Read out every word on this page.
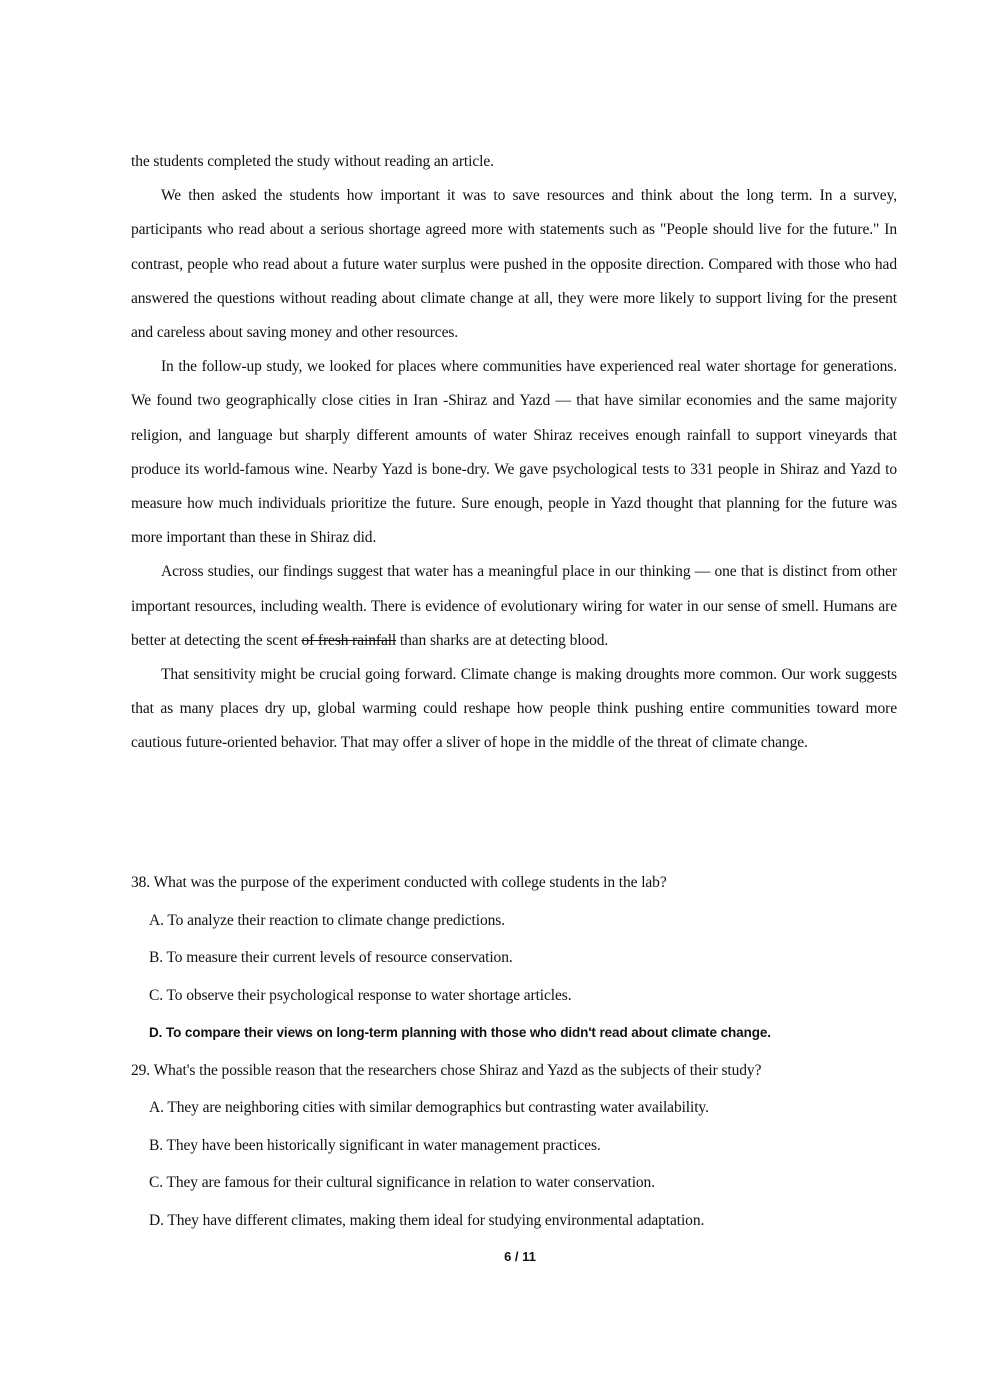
the students completed the study without reading an article.

We then asked the students how important it was to save resources and think about the long term. In a survey, participants who read about a serious shortage agreed more with statements such as "People should live for the future." In contrast, people who read about a future water surplus were pushed in the opposite direction. Compared with those who had answered the questions without reading about climate change at all, they were more likely to support living for the present and careless about saving money and other resources.

In the follow-up study, we looked for places where communities have experienced real water shortage for generations. We found two geographically close cities in Iran -Shiraz and Yazd — that have similar economies and the same majority religion, and language but sharply different amounts of water Shiraz receives enough rainfall to support vineyards that produce its world-famous wine. Nearby Yazd is bone-dry. We gave psychological tests to 331 people in Shiraz and Yazd to measure how much individuals prioritize the future. Sure enough, people in Yazd thought that planning for the future was more important than these in Shiraz did.

Across studies, our findings suggest that water has a meaningful place in our thinking — one that is distinct from other important resources, including wealth. There is evidence of evolutionary wiring for water in our sense of smell. Humans are better at detecting the scent of fresh rainfall than sharks are at detecting blood.

That sensitivity might be crucial going forward. Climate change is making droughts more common. Our work suggests that as many places dry up, global warming could reshape how people think pushing entire communities toward more cautious future-oriented behavior. That may offer a sliver of hope in the middle of the threat of climate change.

38. What was the purpose of the experiment conducted with college students in the lab?

A. To analyze their reaction to climate change predictions.

B. To measure their current levels of resource conservation.

C. To observe their psychological response to water shortage articles.

D. To compare their views on long-term planning with those who didn't read about climate change.

29. What's the possible reason that the researchers chose Shiraz and Yazd as the subjects of their study?

A. They are neighboring cities with similar demographics but contrasting water availability.

B. They have been historically significant in water management practices.

C. They are famous for their cultural significance in relation to water conservation.

D. They have different climates, making them ideal for studying environmental adaptation.

6 / 11
